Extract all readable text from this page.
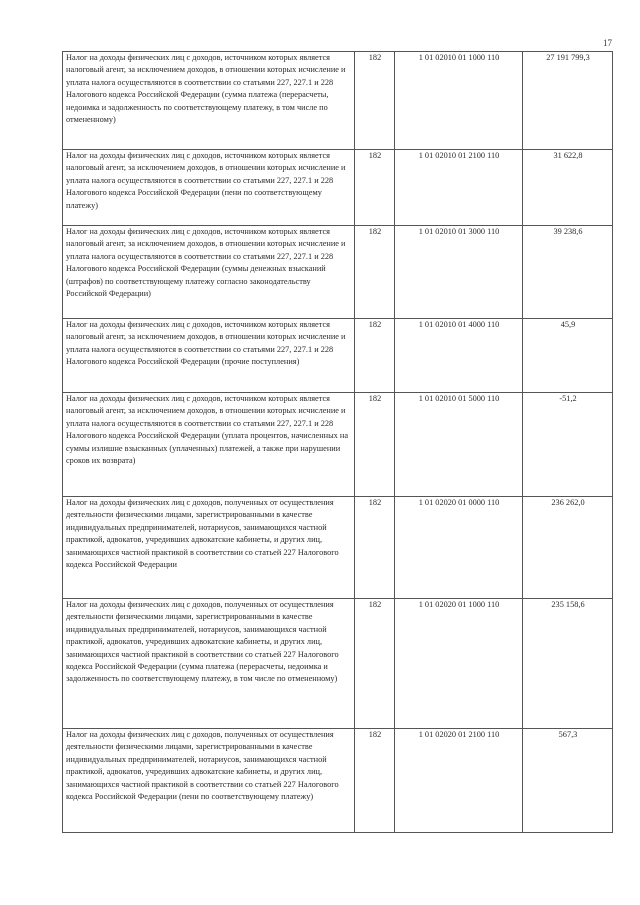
17
Налог на доходы физических лиц с доходов, источником которых является налоговый агент, за исключением доходов, в отношении которых исчисление и уплата налога осуществляются в соответствии со статьями 227, 227.1 и 228 Налогового кодекса Российской Федерации (сумма платежа (перерасчеты, недоимка и задолженность по соответствующему платежу, в том числе по отмененному)	182	1 01 02010 01 1000 110	27 191 799,3
Налог на доходы физических лиц с доходов, источником которых является налоговый агент, за исключением доходов, в отношении которых исчисление и уплата налога осуществляются в соответствии со статьями 227, 227.1 и 228 Налогового кодекса Российской Федерации (пени по соответствующему платежу)	182	1 01 02010 01 2100 110	31 622,8
Налог на доходы физических лиц с доходов, источником которых является налоговый агент, за исключением доходов, в отношении которых исчисление и уплата налога осуществляются в соответствии со статьями 227, 227.1 и 228 Налогового кодекса Российской Федерации (суммы денежных взысканий (штрафов) по соответствующему платежу согласно законодательству Российской Федерации)	182	1 01 02010 01 3000 110	39 238,6
Налог на доходы физических лиц с доходов, источником которых является налоговый агент, за исключением доходов, в отношении которых исчисление и уплата налога осуществляются в соответствии со статьями 227, 227.1 и 228 Налогового кодекса Российской Федерации (прочие поступления)	182	1 01 02010 01 4000 110	45,9
Налог на доходы физических лиц с доходов, источником которых является налоговый агент, за исключением доходов, в отношении которых исчисление и уплата налога осуществляются в соответствии со статьями 227, 227.1 и 228 Налогового кодекса Российской Федерации (уплата процентов, начисленных на суммы излишне взысканных (уплаченных) платежей, а также при нарушении сроков их возврата)	182	1 01 02010 01 5000 110	-51,2
Налог на доходы физических лиц с доходов, полученных от осуществления деятельности физическими лицами, зарегистрированными в качестве индивидуальных предпринимателей, нотариусов, занимающихся частной практикой, адвокатов, учредивших адвокатские кабинеты, и других лиц, занимающихся частной практикой в соответствии со статьей 227 Налогового кодекса Российской Федерации	182	1 01 02020 01 0000 110	236 262,0
Налог на доходы физических лиц с доходов, полученных от осуществления деятельности физическими лицами, зарегистрированными в качестве индивидуальных предпринимателей, нотариусов, занимающихся частной практикой, адвокатов, учредивших адвокатские кабинеты, и других лиц, занимающихся частной практикой в соответствии со статьей 227 Налогового кодекса Российской Федерации (сумма платежа (перерасчеты, недоимка и задолженность по соответствующему платежу, в том числе по отмененному)	182	1 01 02020 01 1000 110	235 158,6
Налог на доходы физических лиц с доходов, полученных от осуществления деятельности физическими лицами, зарегистрированными в качестве индивидуальных предпринимателей, нотариусов, занимающихся частной практикой, адвокатов, учредивших адвокатские кабинеты, и других лиц, занимающихся частной практикой в соответствии со статьей 227 Налогового кодекса Российской Федерации (пени по соответствующему платежу)	182	1 01 02020 01 2100 110	567,3
